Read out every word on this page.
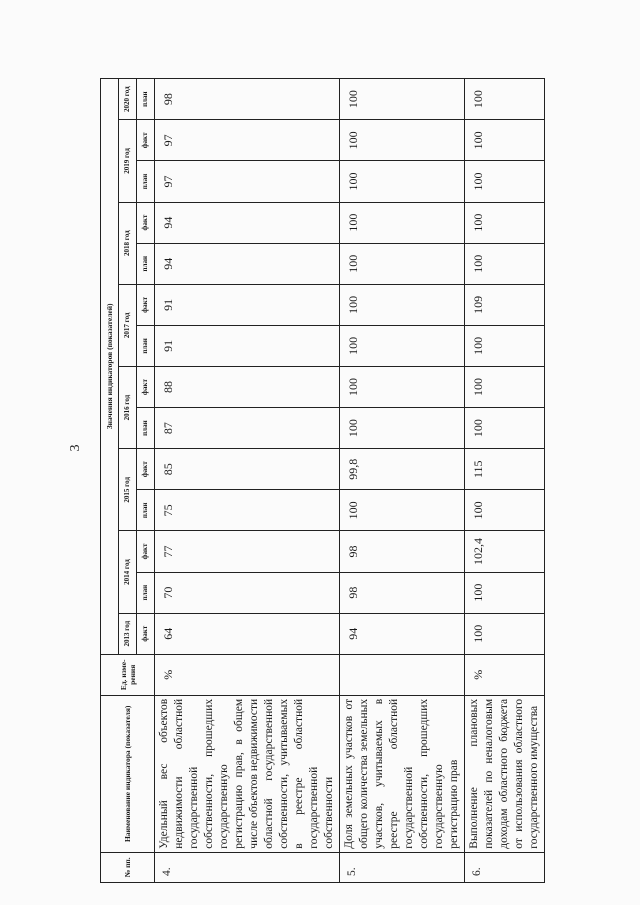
3
№ пп.	Наименование индикатора (показателя)	Ед. изме-рения	Значения индикаторов (показателей)													
			2013 год	2014 год		2015 год		2016 год		2017 год		2018 год		2019 год		2020 год
			факт	план	факт	план	факт	план	факт	план	факт	план	факт	план	факт	план
4.	Удельный вес объектов недвижимости областной государственной собственности, прошедших государственную регистрацию прав, в общем числе объектов недвижимости областной государственной собственности, учитываемых в реестре областной государственной собственности	%	64	70	77	75	85	87	88	91	91	94	94	97	97	98
5.	Доля земельных участков от общего количества земельных участков, учитываемых в реестре областной государственной собственности, прошедших государственную регистрацию прав		94	98	98	100	99,8	100	100	100	100	100	100	100	100	100
6.	Выполнение плановых показателей по неналоговым доходам областного бюджета от использования областного государственного имущества	%	100	100	102,4	100	115	100	100	100	109	100	100	100	100	100
